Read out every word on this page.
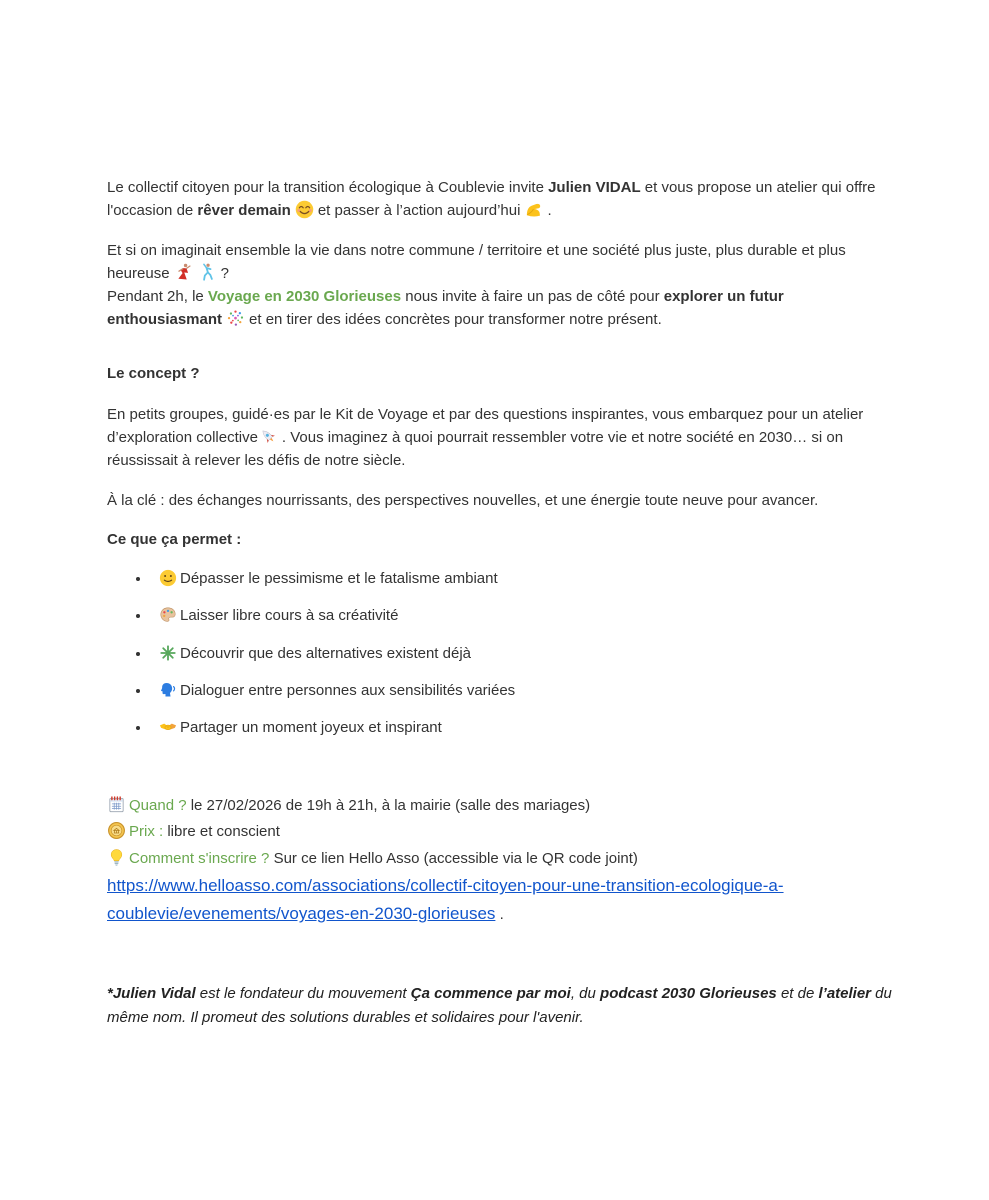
Le collectif citoyen pour la transition écologique à Coublevie invite Julien VIDAL et vous propose un atelier qui offre l'occasion de rêver demain et passer à l’action aujourd’hui .

Et si on imaginait ensemble la vie dans notre commune / territoire et une société plus juste, plus durable et plus heureuse	?

Pendant 2h, le Voyage en 2030 Glorieuses nous invite à faire un pas de côté pour explorer un futur enthousiasmant et en tirer des idées concrètes pour transformer notre présent.

Le concept ?

En petits groupes, guidé·es par le Kit de Voyage et par des questions inspirantes, vous embarquez pour un atelier d’exploration collective . Vous imaginez à quoi pourrait ressembler votre vie et notre société en 2030… si on réussissait à relever les défis de notre siècle.

À la clé : des échanges nourrissants, des perspectives nouvelles, et une énergie toute neuve pour avancer.

Ce que ça permet :

• Dépasser le pessimisme et le fatalisme ambiant
• Laisser libre cours à sa créativité
• Découvrir que des alternatives existent déjà
• Dialoguer entre personnes aux sensibilités variées
• Partager un moment joyeux et inspirant

Quand ? le 27/02/2026 de 19h à 21h, à la mairie (salle des mariages)

Prix : libre et conscient

Comment s'inscrire ? Sur ce lien Hello Asso (accessible via le QR code joint) https://www.helloasso.com/associations/collectif-citoyen-pour-une-transition-ecologique-a-coublevie/evenements/voyages-en-2030-glorieuses .

*Julien Vidal est le fondateur du mouvement Ça commence par moi, du podcast 2030 Glorieuses et de l’atelier du même nom. Il promeut des solutions durables et solidaires pour l'avenir.
